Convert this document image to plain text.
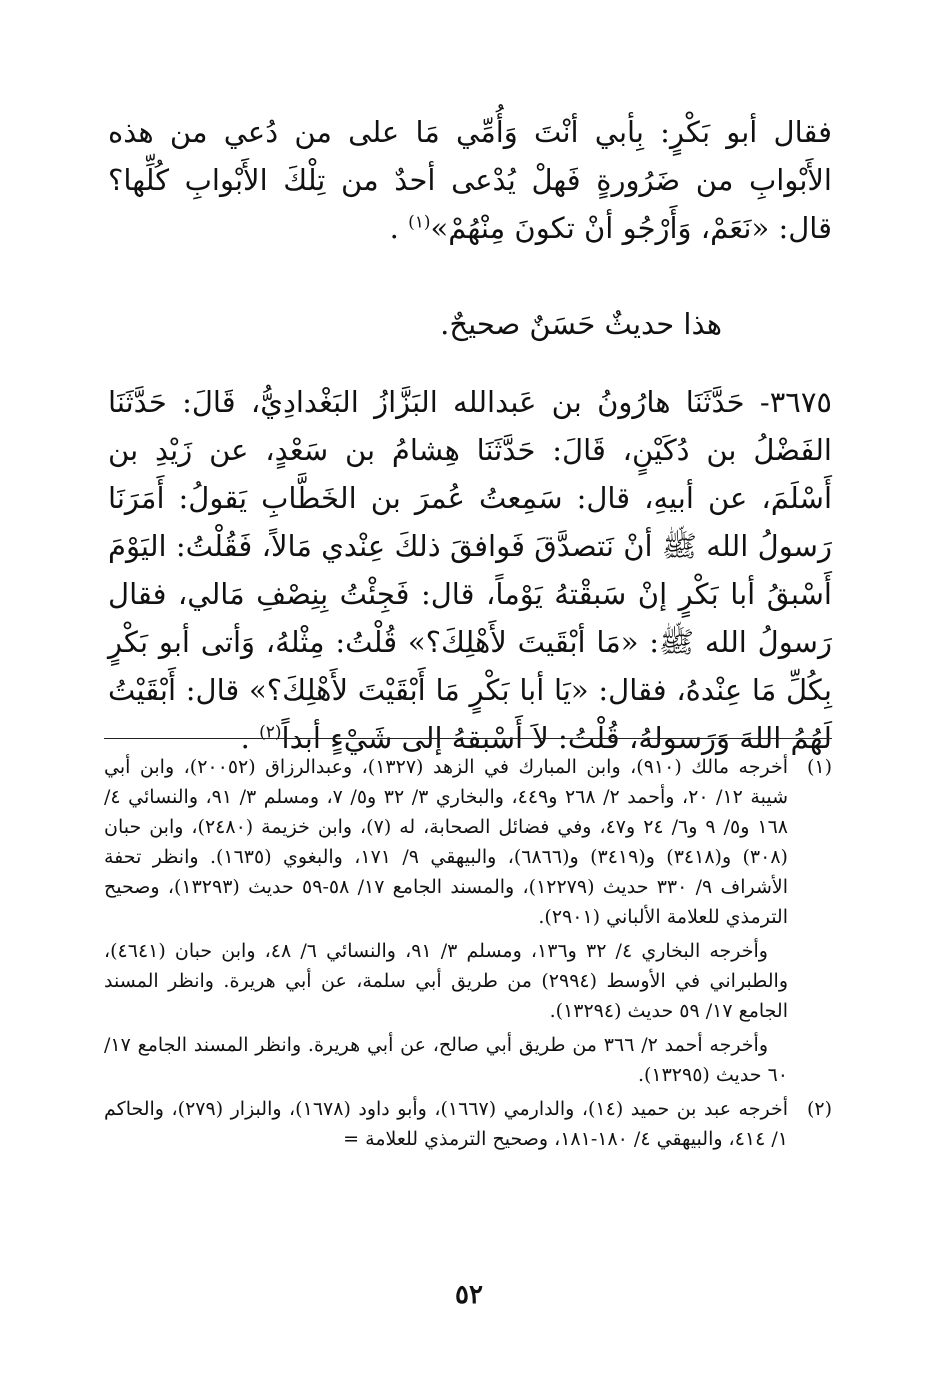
فقال أبو بَكْرٍ: بِأبي أنْتَ وَأُمِّي مَا على من دُعي من هذه الأَبْوابِ من ضَرُورةٍ فَهلْ يُدْعى أحدٌ من تِلْكَ الأَبْوابِ كُلِّها؟ قال: «نَعَمْ، وَأَرْجُو أنْ تكونَ مِنْهُمْ»$^{(١)}$ .

هذا حديثٌ حَسَنٌ صحيحٌ.

٣٦٧٥- حَدَّثَنَا هارُونُ بن عَبدالله البَزَّازُ البَغْدادِيُّ، قَالَ: حَدَّثَنَا الفَضْلُ بن دُكَيْنٍ، قَالَ: حَدَّثَنَا هِشامُ بن سَعْدٍ، عن زَيْدِ بن أَسْلَمَ، عن أبيهِ، قال: سَمِعتُ عُمرَ بن الخَطَّابِ يَقولُ: أَمَرَنَا رَسولُ الله ﷺ أنْ نَتصدَّقَ فَوافقَ ذلكَ عِنْدي مَالاً، فَقُلْتُ: اليَوْمَ أَسْبقُ أبا بَكْرٍ إنْ سَبقْتهُ يَوْماً، قال: فَجِئْتُ بِنِصْفِ مَالي، فقال رَسولُ الله ﷺ: «مَا أبْقَيتَ لأَهْلِكَ؟» قُلْتُ: مِثْلهُ، وَأتى أبو بَكْرٍ بِكُلِّ مَا عِنْدهُ، فقال: «يَا أبا بَكْرٍ مَا أَبْقَيْتَ لأَهْلِكَ؟» قال: أَبْقَيْتُ لَهُمُ اللهَ وَرَسولهُ، قُلْتُ: لاَ أَسْبقهُ إلى شَيْءٍ أبداً$^{(٢)}$ .

(١)
أخرجه مالك (٩١٠)، وابن المبارك في الزهد (١٣٢٧)، وعبدالرزاق (٢٠٠٥٢)، وابن أبي شيبة ١٢/ ٢٠، وأحمد ٢/ ٢٦٨ و٤٤٩، والبخاري ٣/ ٣٢ و٥/ ٧، ومسلم ٣/ ٩١، والنسائي ٤/ ١٦٨ و٥/ ٩ و٦/ ٢٤ و٤٧، وفي فضائل الصحابة، له (٧)، وابن خزيمة (٢٤٨٠)، وابن حبان (٣٠٨) و(٣٤١٨) و(٣٤١٩) و(٦٨٦٦)، والبيهقي ٩/ ١٧١، والبغوي (١٦٣٥). وانظر تحفة الأشراف ٩/ ٣٣٠ حديث (١٢٢٧٩)، والمسند الجامع ١٧/ ٥٨-٥٩ حديث (١٣٢٩٣)، وصحيح الترمذي للعلامة الألباني (٢٩٠١).

وأخرجه البخاري ٤/ ٣٢ و١٣٦، ومسلم ٣/ ٩١، والنسائي ٦/ ٤٨، وابن حبان (٤٦٤١)، والطبراني في الأوسط (٢٩٩٤) من طريق أبي سلمة، عن أبي هريرة. وانظر المسند الجامع ١٧/ ٥٩ حديث (١٣٢٩٤).

وأخرجه أحمد ٢/ ٣٦٦ من طريق أبي صالح، عن أبي هريرة. وانظر المسند الجامع ١٧/ ٦٠ حديث (١٣٢٩٥).

(٢)
أخرجه عبد بن حميد (١٤)، والدارمي (١٦٦٧)، وأبو داود (١٦٧٨)، والبزار (٢٧٩)، والحاكم ١/ ٤١٤، والبيهقي ٤/ ١٨٠-١٨١، وصحيح الترمذي للعلامة =

٥٢
